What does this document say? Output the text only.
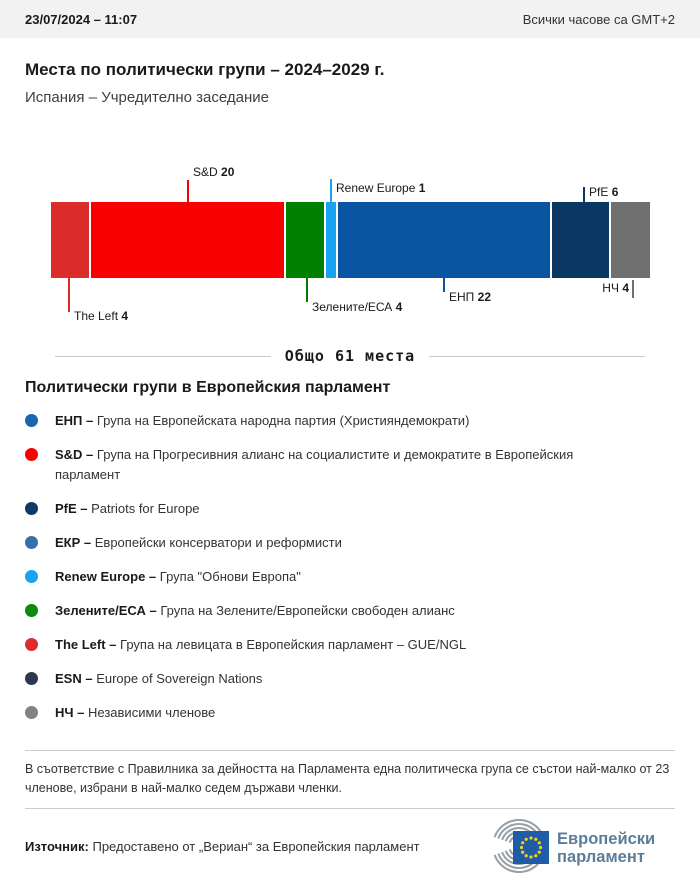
23/07/2024 – 11:07	Всички часове са GMT+2
Места по политически групи – 2024–2029 г.
Испания – Учредително заседание
S&D 20
Renew Europe 1	PfE 6
The Left 4
Зелените/ЕСА 4
ЕНП 22
НЧ 4
Общо 61 места
Политически групи в Европейския парламент

ЕНП – Група на Европейската народна партия (Християндемократи)

S&D – Група на Прогресивния алианс на социалистите и демократите в Европейския парламент

PfE – Patriots for Europe

ЕКР – Европейски консерватори и реформисти

Renew Europe – Група "Обнови Европа"

Зелените/ЕСА – Група на Зелените/Европейски свободен алианс

The Left – Група на левицата в Европейския парламент – GUE/NGL

ESN – Europe of Sovereign Nations

НЧ – Независими членове

В съответствие с Правилника за дейността на Парламента една политическа група се състои най-малко от 23 членове, избрани в най-малко седем държави членки.

Източник: Предоставено от „Вериан“ за Европейския парламент	Европейски парламент
